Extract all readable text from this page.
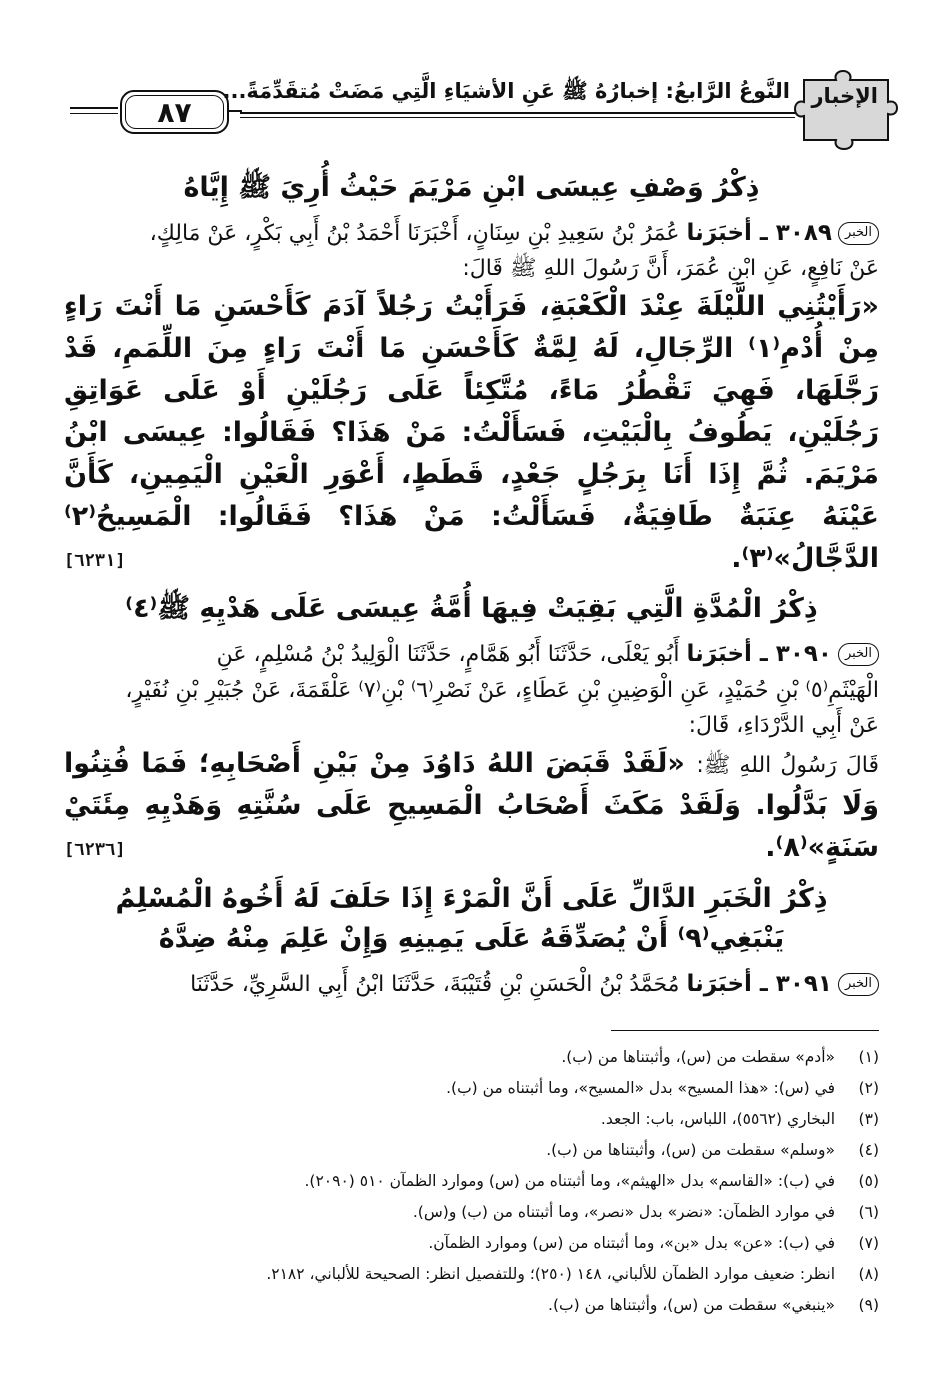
٨٧
النَّوعُ الرَّابعُ: إخبارُهُ ﷺ عَنِ الأشيَاءِ الَّتِي مَضَتْ مُتقَدِّمَةً... الإخبار
ذِكْرُ وَصْفِ عِيسَى ابْنِ مَرْيَمَ حَيْثُ أُرِيَ ﷺ إِيَّاهُ

الخبر٣٠٨٩ ـ أخبَرَنا عُمَرُ بْنُ سَعِيدِ بْنِ سِنَانٍ، أَخْبَرَنَا أَحْمَدُ بْنُ أَبِي بَكْرٍ، عَنْ مَالِكٍ،

عَنْ نَافِعٍ، عَنِ ابْنِ عُمَرَ، أَنَّ رَسُولَ اللهِ ﷺ قَالَ:

«رَأَيْتُنِي اللَّيْلَةَ عِنْدَ الْكَعْبَةِ، فَرَأَيْتُ رَجُلاً آدَمَ كَأَحْسَنِ مَا أَنْتَ رَاءٍ مِنْ أُدْمِ⁽١⁾ الرِّجَالِ، لَهُ لِمَّةٌ كَأَحْسَنِ مَا أَنْتَ رَاءٍ مِنَ اللِّمَمِ، قَدْ رَجَّلَهَا، فَهِيَ تَقْطُرُ مَاءً، مُتَّكِئاً عَلَى رَجُلَيْنِ أَوْ عَلَى عَوَاتِقِ رَجُلَيْنِ، يَطُوفُ بِالْبَيْتِ، فَسَأَلْتُ: مَنْ هَذَا؟ فَقَالُوا: عِيسَى ابْنُ مَرْيَمَ. ثُمَّ إِذَا أَنَا بِرَجُلٍ جَعْدٍ، قَطَطٍ، أَعْوَرِ الْعَيْنِ الْيَمِينِ، كَأَنَّ عَيْنَهُ عِنَبَةٌ طَافِيَةٌ، فَسَأَلْتُ: مَنْ هَذَا؟ فَقَالُوا: الْمَسِيحُ⁽٢⁾ الدَّجَّالُ»⁽٣⁾.
[٦٢٣١]

ذِكْرُ الْمُدَّةِ الَّتِي بَقِيَتْ فِيهَا أُمَّةُ عِيسَى عَلَى هَدْيِهِ ﷺ⁽٤⁾

الخبر٣٠٩٠ ـ أخبَرَنا أَبُو يَعْلَى، حَدَّثَنَا أَبُو هَمَّامٍ، حَدَّثَنَا الْوَلِيدُ بْنُ مُسْلِمٍ، عَنِ

الْهَيْثَمِ⁽٥⁾ بْنِ حُمَيْدٍ، عَنِ الْوَضِينِ بْنِ عَطَاءٍ، عَنْ نَصْرِ⁽٦⁾ بْنِ⁽٧⁾ عَلْقَمَةَ، عَنْ جُبَيْرِ بْنِ نُفَيْرٍ،

عَنْ أَبِي الدَّرْدَاءِ، قَالَ:

قَالَ رَسُولُ اللهِ ﷺ: «لَقَدْ قَبَضَ اللهُ دَاوُدَ مِنْ بَيْنِ أَصْحَابِهِ؛ فَمَا فُتِنُوا وَلَا بَدَّلُوا. وَلَقَدْ مَكَثَ أَصْحَابُ الْمَسِيحِ عَلَى سُنَّتِهِ وَهَدْيِهِ مِئَتَيْ سَنَةٍ»⁽٨⁾.
[٦٢٣٦]

ذِكْرُ الْخَبَرِ الدَّالِّ عَلَى أَنَّ الْمَرْءَ إِذَا حَلَفَ لَهُ أَخُوهُ الْمُسْلِمُ
يَنْبَغِي⁽٩⁾ أَنْ يُصَدِّقَهُ عَلَى يَمِينِهِ وَإِنْ عَلِمَ مِنْهُ ضِدَّهُ

الخبر٣٠٩١ ـ أخبَرَنا مُحَمَّدُ بْنُ الْحَسَنِ بْنِ قُتَيْبَةَ، حَدَّثَنَا ابْنُ أَبِي السَّرِيِّ، حَدَّثَنَا

(١)«أدم» سقطت من (س)، وأثبتناها من (ب).
(٢)في (س): «هذا المسيح» بدل «المسيح»، وما أثبتناه من (ب).
(٣)البخاري (٥٥٦٢)، اللباس، باب: الجعد.
(٤)«وسلم» سقطت من (س)، وأثبتناها من (ب).
(٥)في (ب): «القاسم» بدل «الهيثم»، وما أثبتناه من (س) وموارد الظمآن ٥١٠ (٢٠٩٠).
(٦)في موارد الظمآن: «نضر» بدل «نصر»، وما أثبتناه من (ب) و(س).
(٧)في (ب): «عن» بدل «بن»، وما أثبتناه من (س) وموارد الظمآن.
(٨)انظر: ضعيف موارد الظمآن للألباني، ١٤٨ (٢٥٠)؛ وللتفصيل انظر: الصحيحة للألباني، ٢١٨٢.
(٩)«ينبغي» سقطت من (س)، وأثبتناها من (ب).
